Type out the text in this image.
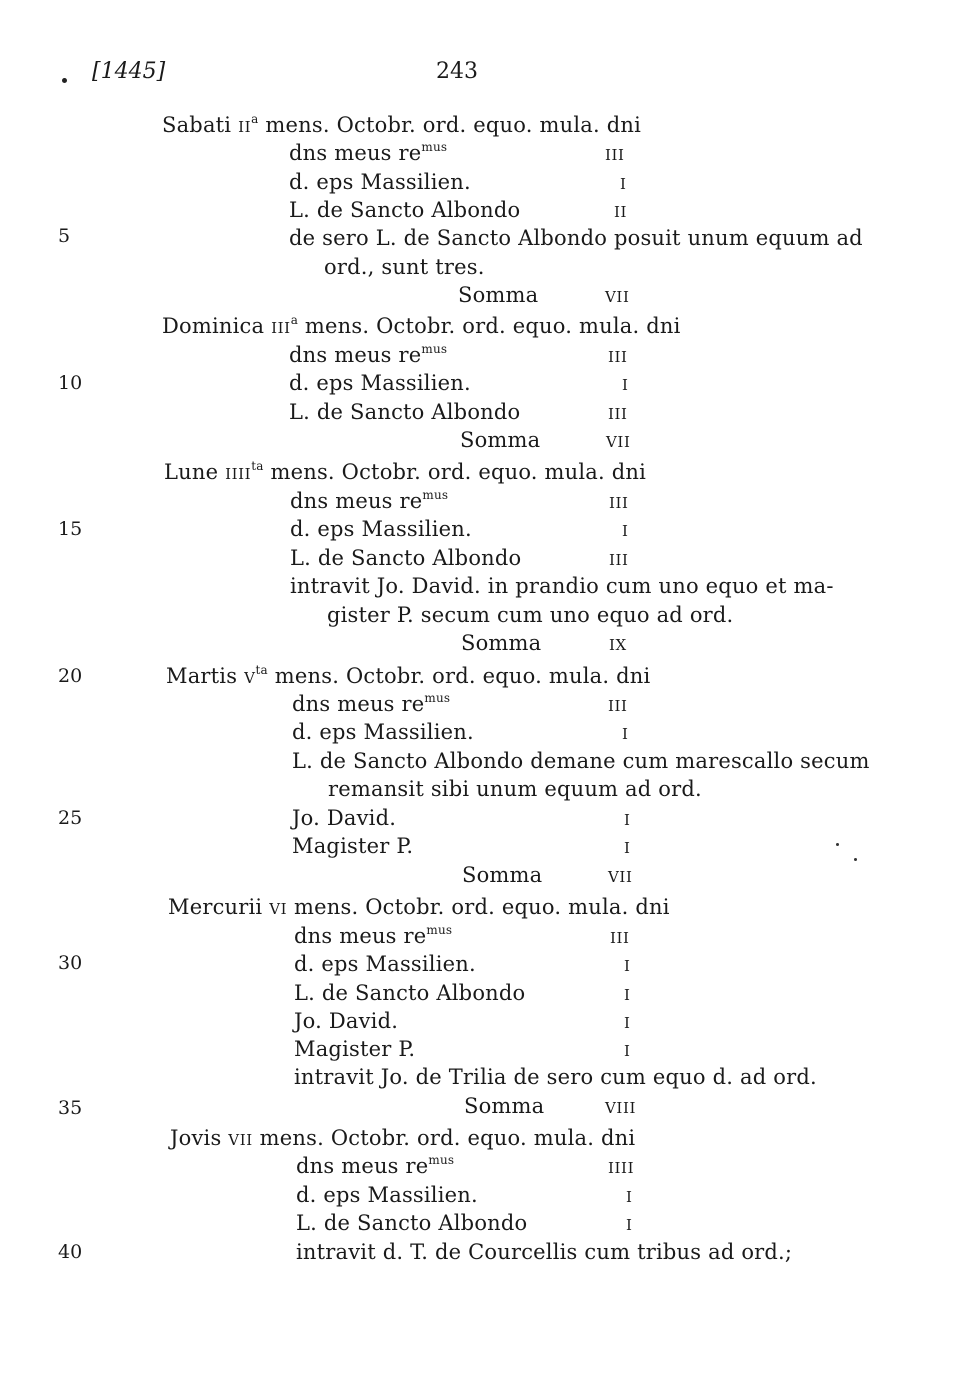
[1445]	243
5
10
15
20
25
30
35
40
Sabati $ii^a$ mens. Octobr. ord. equo. mula. dni
dns meus $re^{mus}$	iii
d. eps Massilien.	i
L. de Sancto Albondo	ii
de sero L. de Sancto Albondo posuit unum equum ad
ord., sunt tres.
Somma	vii
Dominica iii$^a$ mens. Octobr. ord. equo. mula. dni
dns meus $re^{mus}$	iii
d. eps Massilien.	i
L. de Sancto Albondo	iii
Somma	vii
Lune iiii$^{ta}$ mens. Octobr. ord. equo. mula. dni
dns meus $re^{mus}$	iii
d. eps Massilien.	i
L. de Sancto Albondo	iii
intravit Jo. David. in prandio cum uno equo et ma-
gister P. secum cum uno equo ad ord.
Somma	ix
Martis $v^{ta}$ mens. Octobr. ord. equo. mula. dni
dns meus $re^{mus}$	iii
d. eps Massilien.	i
L. de Sancto Albondo demane cum marescallo secum
remansit sibi unum equum ad ord.
Jo. David.	i
Magister P.	i
Somma	vii
Mercurii vi mens. Octobr. ord. equo. mula. dni
dns meus $re^{mus}$	iii
d. eps Massilien.	i
L. de Sancto Albondo	i
Jo. David.	i
Magister P.	i
intravit Jo. de Trilia de sero cum equo d. ad ord.
Somma	viii
Jovis vii mens. Octobr. ord. equo. mula. dni
dns meus $re^{mus}$	iiii
d. eps Massilien.	i
L. de Sancto Albondo	i
intravit d. T. de Courcellis cum tribus ad ord.;
